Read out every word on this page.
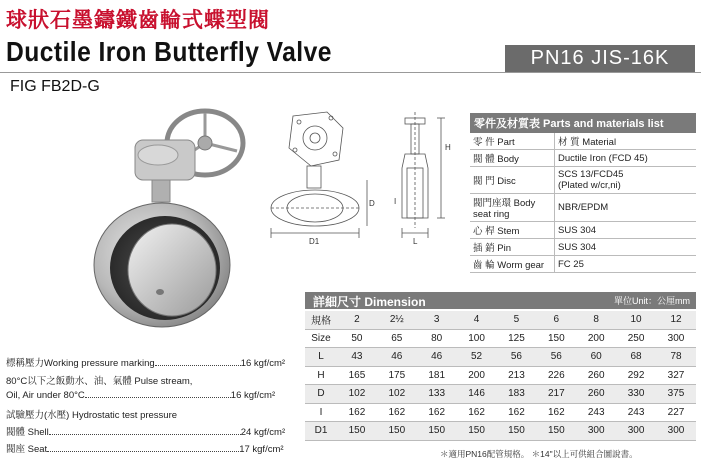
球狀石墨鑄鐵齒輪式蝶型閥
Ductile Iron Butterfly Valve	PN16 JIS-16K
FIG FB2D-G
H
D
D1	L
I
零件及材質表 Parts and materials list	
零 件 Part	材 質 Material
閥 體 Body	Ductile Iron (FCD 45)
閥 門 Disc	SCS 13/FCD45
(Plated w/cr,ni)
閥門座環 Body seat ring	NBR/EPDM
心 桿 Stem	SUS 304
插 銷 Pin	SUS 304
齒 輪 Worm gear	FC 25
詳細尺寸 Dimension	單位Unit：公厘mm
規格	2	2½	3	4	5	6	8	10	12
Size	50	65	80	100	125	150	200	250	300
L	43	46	46	52	56	56	60	68	78
H	165	175	181	200	213	226	260	292	327
D	102	102	133	146	183	217	260	330	375
I	162	162	162	162	162	162	243	243	227
D1	150	150	150	150	150	150	300	300	300
標稱壓力Working pressure marking	16 kgf/cm²
80°C以下之飯動水、油、氣體 Pulse stream,
Oil, Air under 80°C	16 kgf/cm²
試驗壓力(水壓) Hydrostatic test pressure
閥體 Shell	24 kgf/cm²
閥座 Seat	17 kgf/cm²	＊適用PN16配管規格。 ＊14"以上可供組合圖說書。
